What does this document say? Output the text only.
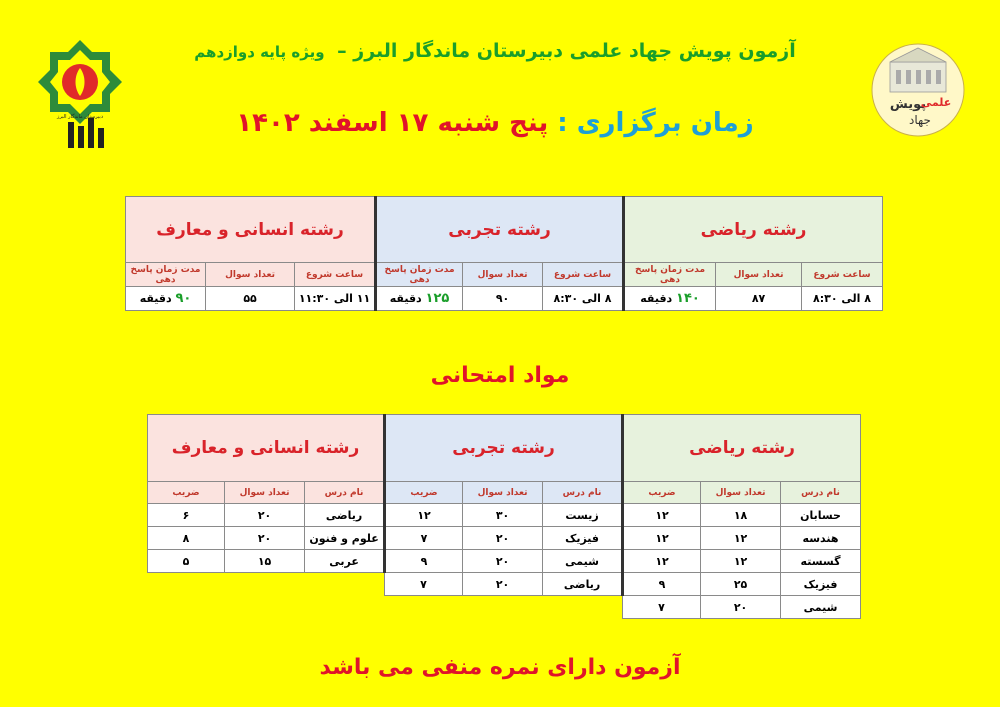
دبیرستان ماندگار البرز
پویش
علمی
جهاد
آزمون پویش جهاد علمی دبیرستان ماندگار البرز – ویژه پایه دوازدهم
زمان برگزاری : پنج شنبه ۱۷ اسفند ۱۴۰۲
رشته ریاضی			رشته تجربی			رشته انسانی و معارف		
ساعت شروع	تعداد سوال	مدت زمان پاسخ دهی	ساعت شروع	تعداد سوال	مدت زمان پاسخ دهی	ساعت شروع	تعداد سوال	مدت زمان پاسخ دهی
۸ الی ۸:۳۰	۸۷	۱۴۰ دقیقه	۸ الی ۸:۳۰	۹۰	۱۲۵ دقیقه	۱۱ الی ۱۱:۳۰	۵۵	۹۰ دقیقه
مواد امتحانی
رشته ریاضی			رشته تجربی			رشته انسانی و معارف		
نام درس	تعداد سوال	ضریب	نام درس	تعداد سوال	ضریب	نام درس	تعداد سوال	ضریب
حسابان	۱۸	۱۲	زیست	۳۰	۱۲	ریاضی	۲۰	۶
هندسه	۱۲	۱۲	فیزیک	۲۰	۷	علوم و فنون	۲۰	۸
گسسته	۱۲	۱۲	شیمی	۲۰	۹	عربی	۱۵	۵
فیزیک	۲۵	۹	ریاضی	۲۰	۷			
شیمی	۲۰	۷						
آزمون دارای نمره منفی می باشد
